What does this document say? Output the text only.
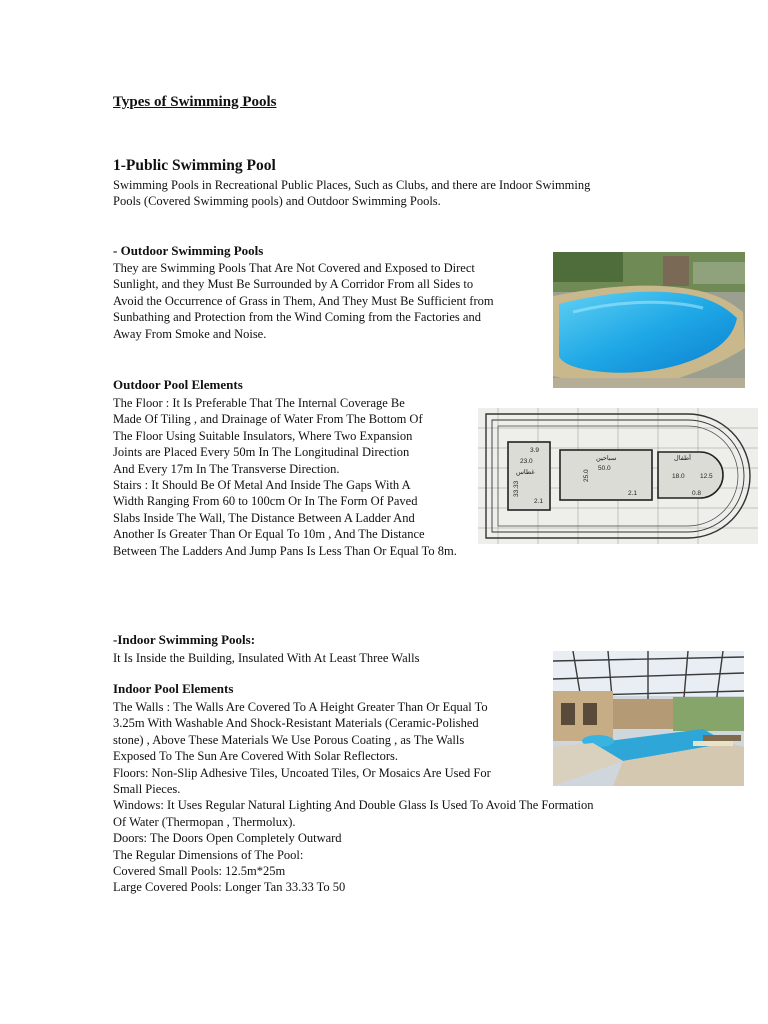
Types of Swimming Pools
1-Public Swimming Pool
Swimming Pools in Recreational Public Places, Such as Clubs, and there are Indoor Swimming
Pools (Covered Swimming pools) and Outdoor Swimming Pools.
- Outdoor Swimming Pools
They are Swimming Pools That Are Not Covered and Exposed to Direct
Sunlight, and they Must Be Surrounded by A Corridor From all Sides to
Avoid the Occurrence of Grass in Them, And They Must Be Sufficient from
Sunbathing and Protection from the Wind Coming from the Factories and
Away From Smoke and Noise.
Outdoor Pool Elements
The Floor : It Is Preferable That The Internal Coverage Be
Made Of Tiling , and Drainage of Water From The Bottom Of
The Floor Using Suitable Insulators, Where Two Expansion
Joints are Placed Every 50m In The Longitudinal Direction
And Every 17m In The Transverse Direction.
Stairs : It Should Be Of Metal And Inside The Gaps With A
Width Ranging From 60 to 100cm Or In The Form Of Paved
Slabs Inside The Wall, The Distance Between A Ladder And
Another Is Greater Than Or Equal To 10m , And The Distance
Between The Ladders And Jump Pans Is Less Than Or Equal To 8m.
3.9
23.0
غطاس
33.33
2.1
سباحين
50.0
25.0
2.1
أطفال
18.0 12.5
0.8
-Indoor Swimming Pools:
It Is Inside the Building, Insulated With At Least Three Walls
Indoor Pool Elements
The Walls : The Walls Are Covered To A Height Greater Than Or Equal To
3.25m With Washable And Shock-Resistant Materials (Ceramic-Polished
stone) , Above These Materials We Use Porous Coating , as The Walls
Exposed To The Sun Are Covered With Solar Reflectors.
Floors: Non-Slip Adhesive Tiles, Uncoated Tiles, Or Mosaics Are Used For
Small Pieces.
Windows: It Uses Regular Natural Lighting And Double Glass Is Used To Avoid The Formation
Of Water (Thermopan , Thermolux).
Doors: The Doors Open Completely Outward
The Regular Dimensions of The Pool:
Covered Small Pools: 12.5m*25m
Large Covered Pools: Longer Tan 33.33 To 50
